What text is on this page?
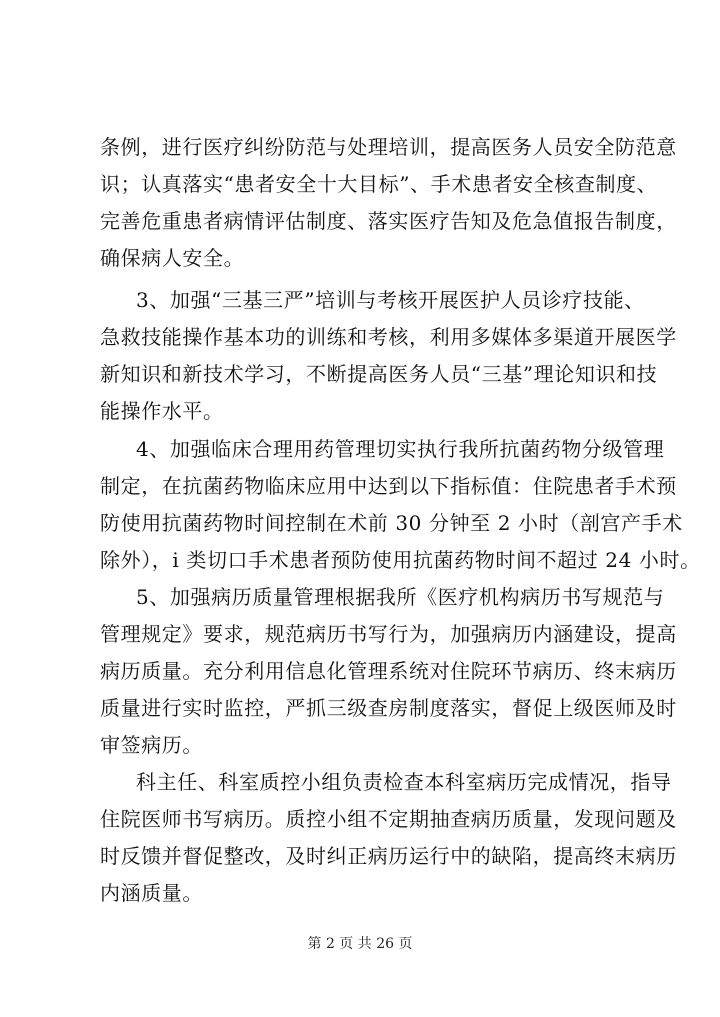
条例，进行医疗纠纷防范与处理培训，提高医务人员安全防范意
识；认真落实“患者安全十大目标”、手术患者安全核查制度、
完善危重患者病情评估制度、落实医疗告知及危急值报告制度，
确保病人安全。
3、加强“三基三严”培训与考核开展医护人员诊疗技能、
急救技能操作基本功的训练和考核，利用多媒体多渠道开展医学
新知识和新技术学习，不断提高医务人员“三基”理论知识和技
能操作水平。
4、加强临床合理用药管理切实执行我所抗菌药物分级管理
制定，在抗菌药物临床应用中达到以下指标值：住院患者手术预
防使用抗菌药物时间控制在术前 30 分钟至 2 小时（剖宫产手术
除外），i 类切口手术患者预防使用抗菌药物时间不超过 24 小时。
5、加强病历质量管理根据我所《医疗机构病历书写规范与
管理规定》要求，规范病历书写行为，加强病历内涵建设，提高
病历质量。充分利用信息化管理系统对住院环节病历、终末病历
质量进行实时监控，严抓三级查房制度落实，督促上级医师及时
审签病历。
科主任、科室质控小组负责检查本科室病历完成情况，指导
住院医师书写病历。质控小组不定期抽查病历质量，发现问题及
时反馈并督促整改，及时纠正病历运行中的缺陷，提高终末病历
内涵质量。
第 2 页 共 26 页
